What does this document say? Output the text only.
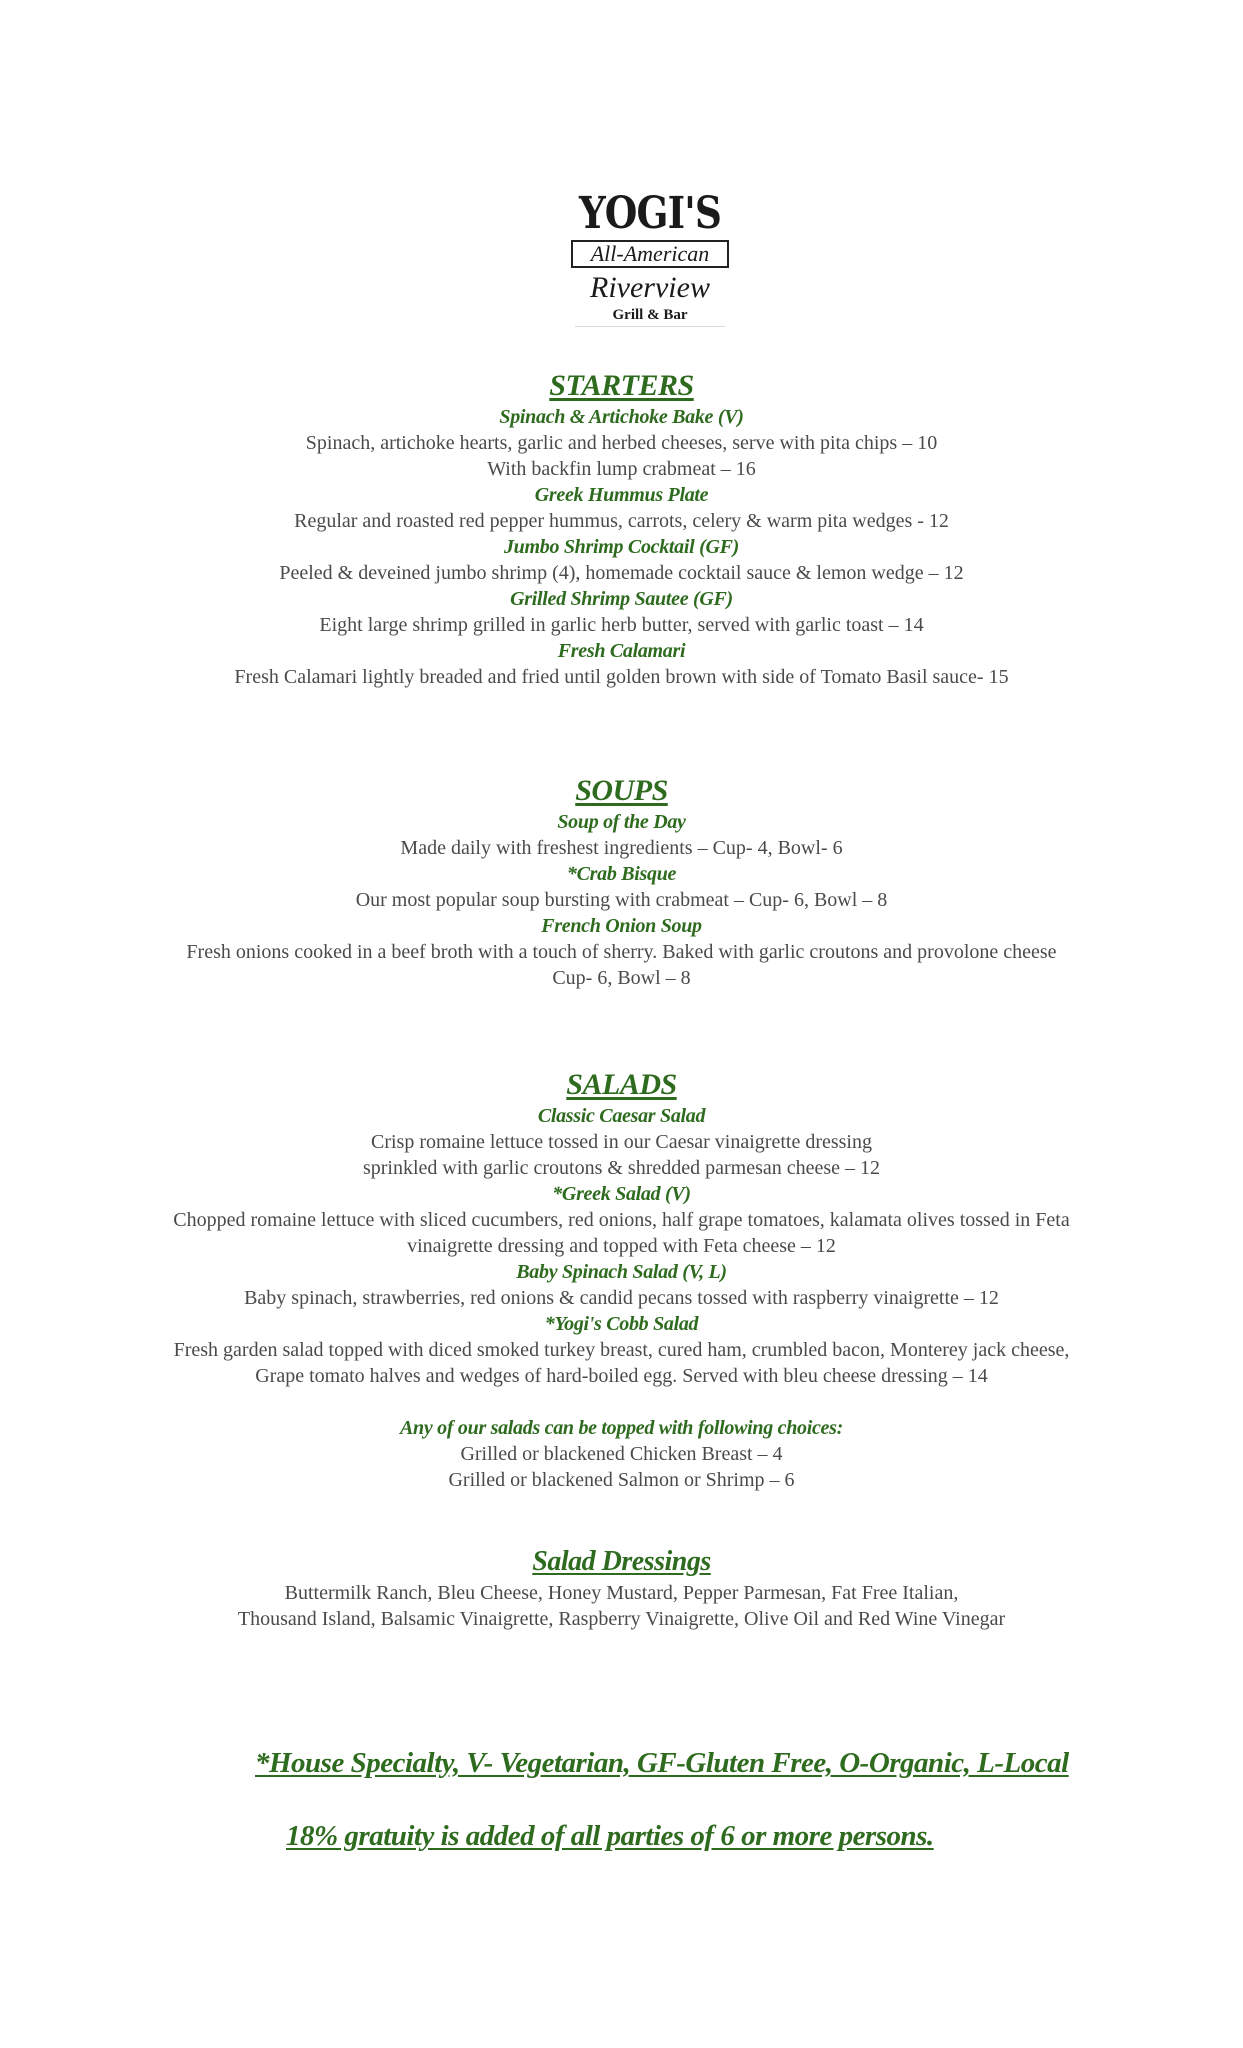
YOGI'S
All-American
Riverview
Grill & Bar
STARTERS
Spinach & Artichoke Bake (V)
Spinach, artichoke hearts, garlic and herbed cheeses, serve with pita chips – 10
With backfin lump crabmeat – 16
Greek Hummus Plate
Regular and roasted red pepper hummus, carrots, celery & warm pita wedges - 12
Jumbo Shrimp Cocktail (GF)
Peeled & deveined jumbo shrimp (4), homemade cocktail sauce & lemon wedge – 12
Grilled Shrimp Sautee (GF)
Eight large shrimp grilled in garlic herb butter, served with garlic toast – 14
Fresh Calamari
Fresh Calamari lightly breaded and fried until golden brown with side of Tomato Basil sauce- 15
SOUPS
Soup of the Day
Made daily with freshest ingredients – Cup- 4, Bowl- 6
*Crab Bisque
Our most popular soup bursting with crabmeat – Cup- 6, Bowl – 8
French Onion Soup
Fresh onions cooked in a beef broth with a touch of sherry. Baked with garlic croutons and provolone cheese
Cup- 6, Bowl – 8
SALADS
Classic Caesar Salad
Crisp romaine lettuce tossed in our Caesar vinaigrette dressing
sprinkled with garlic croutons & shredded parmesan cheese – 12
*Greek Salad (V)
Chopped romaine lettuce with sliced cucumbers, red onions, half grape tomatoes, kalamata olives tossed in Feta
vinaigrette dressing and topped with Feta cheese – 12
Baby Spinach Salad (V, L)
Baby spinach, strawberries, red onions & candid pecans tossed with raspberry vinaigrette – 12
*Yogi's Cobb Salad
Fresh garden salad topped with diced smoked turkey breast, cured ham, crumbled bacon, Monterey jack cheese,
Grape tomato halves and wedges of hard-boiled egg. Served with bleu cheese dressing – 14
Any of our salads can be topped with following choices:
Grilled or blackened Chicken Breast – 4
Grilled or blackened Salmon or Shrimp – 6
Salad Dressings
Buttermilk Ranch, Bleu Cheese, Honey Mustard, Pepper Parmesan, Fat Free Italian,
Thousand Island, Balsamic Vinaigrette, Raspberry Vinaigrette, Olive Oil and Red Wine Vinegar
*House Specialty, V- Vegetarian, GF-Gluten Free, O-Organic, L-Local
18% gratuity is added of all parties of 6 or more persons.
